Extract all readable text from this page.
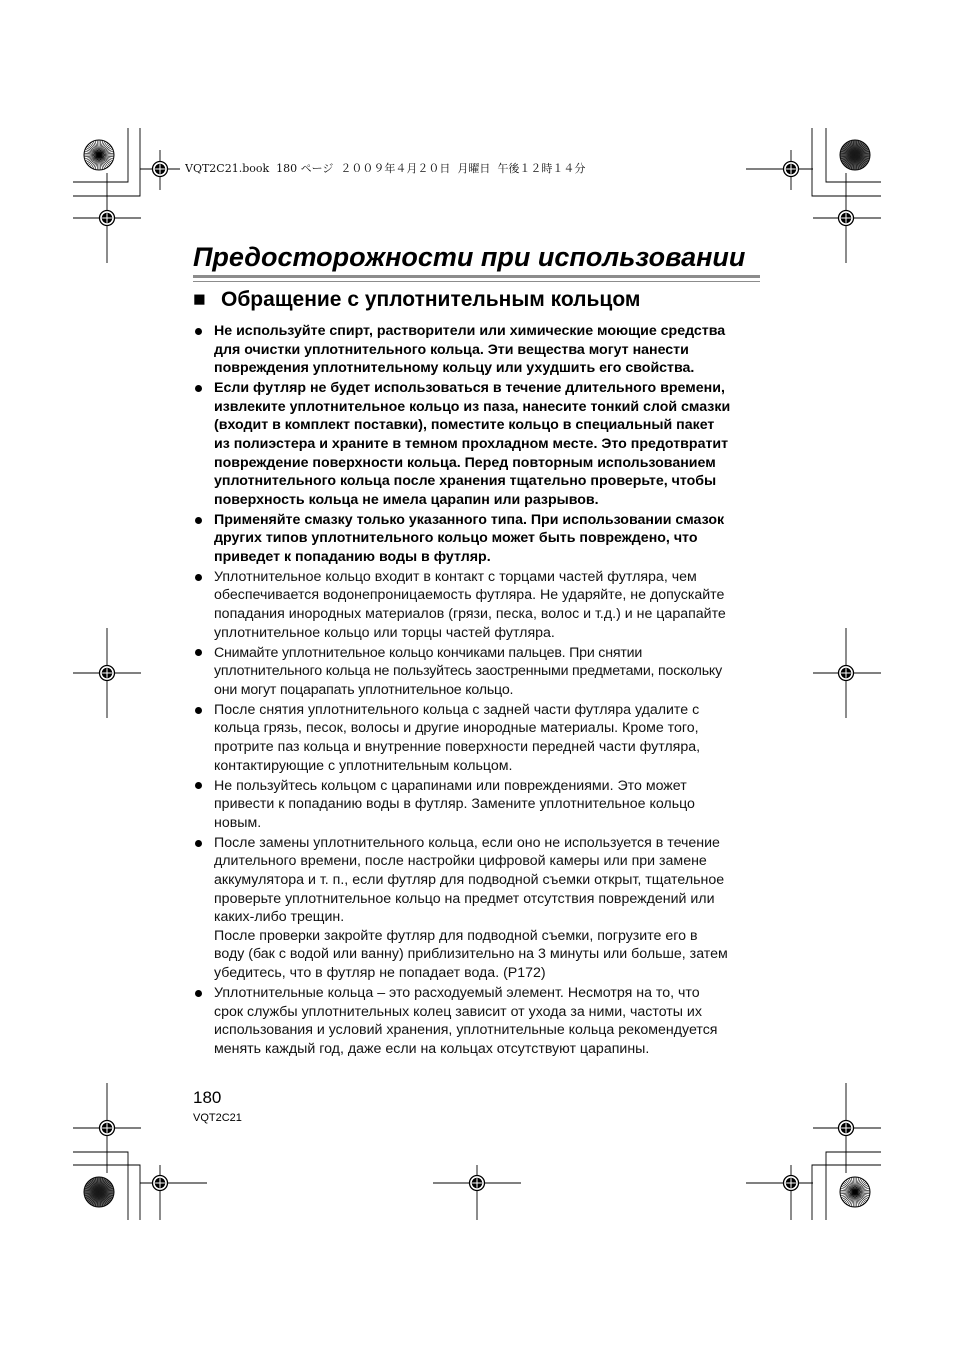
VQT2C21.book  180 ページ  ２００９年４月２０日  月曜日  午後１２時１４分
Предосторожности при использовании
■ Обращение с уплотнительным кольцом
Не используйте спирт, растворители или химические моющие средства
для очистки уплотнительного кольца. Эти вещества могут нанести
повреждения уплотнительному кольцу или ухудшить его свойства.
Если футляр не будет использоваться в течение длительного времени,
извлеките уплотнительное кольцо из паза, нанесите тонкий слой смазки
(входит в комплект поставки), поместите кольцо в специальный пакет
из полиэстера и храните в темном прохладном месте. Это предотвратит
повреждение поверхности кольца. Перед повторным использованием
уплотнительного кольца после хранения тщательно проверьте, чтобы
поверхность кольца не имела царапин или разрывов.
Применяйте смазку только указанного типа. При использовании смазок
других типов уплотнительного кольцо может быть повреждено, что
приведет к попаданию воды в футляр.
Уплотнительное кольцо входит в контакт с торцами частей футляра, чем
обеспечивается водонепроницаемость футляра. Не ударяйте, не допускайте
попадания инородных материалов (грязи, песка, волос и т.д.) и не царапайте
уплотнительное кольцо или торцы частей футляра.
Снимайте уплотнительное кольцо кончиками пальцев. При снятии
уплотнительного кольца не пользуйтесь заостренными предметами, поскольку
они могут поцарапать уплотнительное кольцо.
После снятия уплотнительного кольца с задней части футляра удалите с
кольца грязь, песок, волосы и другие инородные материалы. Кроме того,
протрите паз кольца и внутренние поверхности передней части футляра,
контактирующие с уплотнительным кольцом.
Не пользуйтесь кольцом с царапинами или повреждениями. Это может
привести к попаданию воды в футляр. Замените уплотнительное кольцо
новым.
После замены уплотнительного кольца, если оно не используется в течение
длительного времени, после настройки цифровой камеры или при замене
аккумулятора и т. п., если футляр для подводной съемки открыт, тщательное
проверьте уплотнительное кольцо на предмет отсутствия повреждений или
каких-либо трещин.
После проверки закройте футляр для подводной съемки, погрузите его в
воду (бак с водой или ванну) приблизительно на 3 минуты или больше, затем
убедитесь, что в футляр не попадает вода. (P172)
Уплотнительные кольца – это расходуемый элемент. Несмотря на то, что
срок службы уплотнительных колец зависит от ухода за ними, частоты их
использования и условий хранения, уплотнительные кольца рекомендуется
менять каждый год, даже если на кольцах отсутствуют царапины.
180
VQT2C21
